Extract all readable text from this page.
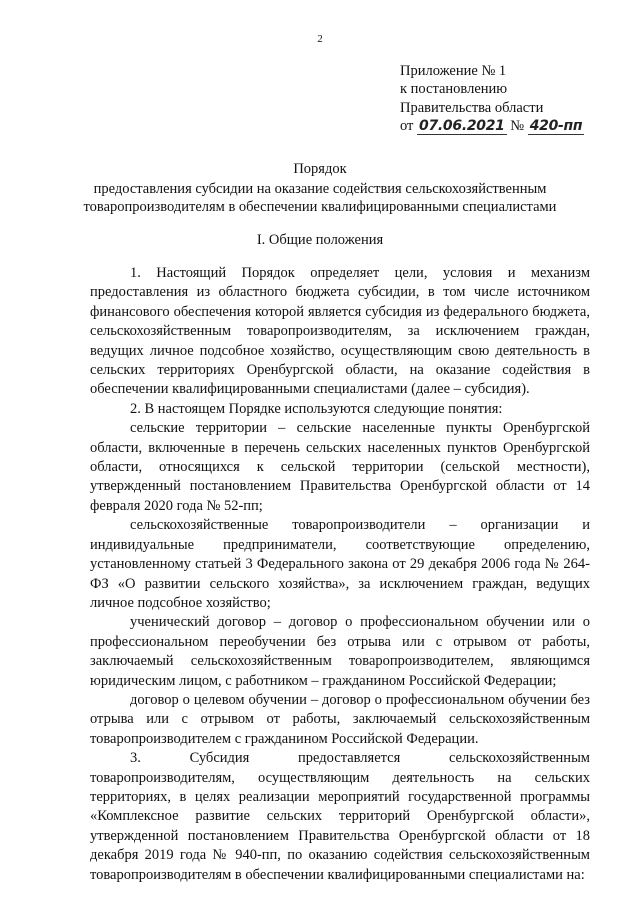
2
Приложение № 1
к постановлению
Правительства области
от 07.06.2021 № 420-пп
Порядок
предоставления субсидии на оказание содействия сельскохозяйственным
товаропроизводителям в обеспечении квалифицированными специалистами
I. Общие положения

1. Настоящий Порядок определяет цели, условия и механизм предоставления из областного бюджета субсидии, в том числе источником финансового обеспечения которой является субсидия из федерального бюджета, сельскохозяйственным товаропроизводителям, за исключением граждан, ведущих личное подсобное хозяйство, осуществляющим свою деятельность в сельских территориях Оренбургской области, на оказание содействия в обеспечении квалифицированными специалистами (далее – субсидия).

2. В настоящем Порядке используются следующие понятия:

сельские территории – сельские населенные пункты Оренбургской области, включенные в перечень сельских населенных пунктов Оренбургской области, относящихся к сельской территории (сельской местности), утвержденный постановлением Правительства Оренбургской области от 14 февраля 2020 года № 52-пп;

сельскохозяйственные товаропроизводители – организации и индивидуальные предприниматели, соответствующие определению, установленному статьей 3 Федерального закона от 29 декабря 2006 года № 264-ФЗ «О развитии сельского хозяйства», за исключением граждан, ведущих личное подсобное хозяйство;

ученический договор – договор о профессиональном обучении или о профессиональном переобучении без отрыва или с отрывом от работы, заключаемый сельскохозяйственным товаропроизводителем, являющимся юридическим лицом, с работником – гражданином Российской Федерации;

договор о целевом обучении – договор о профессиональном обучении без отрыва или с отрывом от работы, заключаемый сельскохозяйственным товаропроизводителем с гражданином Российской Федерации.

3. Субсидия предоставляется сельскохозяйственным товаропроизводителям, осуществляющим деятельность на сельских территориях, в целях реализации мероприятий государственной программы «Комплексное развитие сельских территорий Оренбургской области», утвержденной постановлением Правительства Оренбургской области от 18 декабря 2019 года № 940-пп, по оказанию содействия сельскохозяйственным товаропроизводителям в обеспечении квалифицированными специалистами на:
